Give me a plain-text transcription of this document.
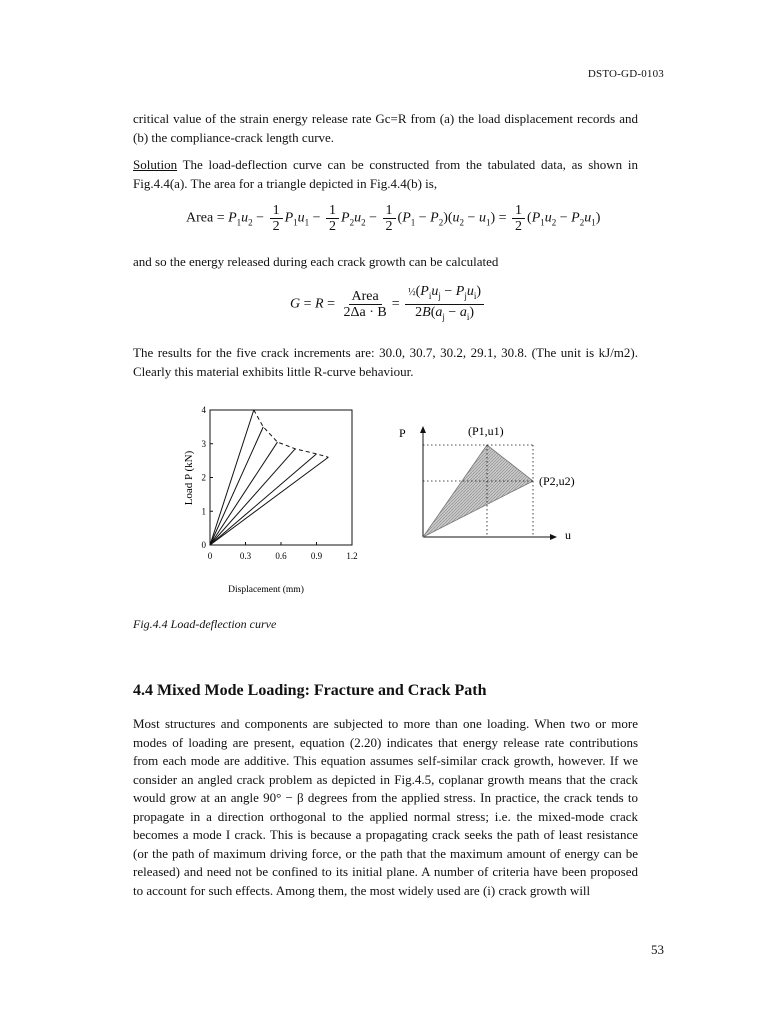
DSTO-GD-0103
critical value of the strain energy release rate Gc=R from (a) the load displacement records and (b) the compliance-crack length curve.
Solution The load-deflection curve can be constructed from the tabulated data, as shown in Fig.4.4(a). The area for a triangle depicted in Fig.4.4(b) is,
Area = $P_1u_2 - \frac{1}{2} P_1u_1 - \frac{1}{2} P_2u_2 - \frac{1}{2} (P_1 - P_2)(u_2 - u_1) = \frac{1}{2} (P_1u_2 - P_2u_1)$
and so the energy released during each crack growth can be calculated
$G = R = \frac{\text{Area}}{2\Delta a \cdot B} = \frac{\frac{1}{2}(P_iu_j - P_ju_i)}{2B(a_j - a_i)}$
The results for the five crack increments are: 30.0, 30.7, 30.2, 29.1, 30.8. (The unit is kJ/m2). Clearly this material exhibits little R-curve behaviour.
0	0.3	0.6	0.9	1.2
0
1
2
3
4
Load P (kN)
Displacement (mm)
P
u
(P1,u1)
(P2,u2)
Fig.4.4 Load-deflection curve
4.4 Mixed Mode Loading: Fracture and Crack Path
Most structures and components are subjected to more than one loading. When two or more modes of loading are present, equation (2.20) indicates that energy release rate contributions from each mode are additive. This equation assumes self-similar crack growth, however. If we consider an angled crack problem as depicted in Fig.4.5, coplanar growth means that the crack would grow at an angle 90° − β degrees from the applied stress. In practice, the crack tends to propagate in a direction orthogonal to the applied normal stress; i.e. the mixed-mode crack becomes a mode I crack. This is because a propagating crack seeks the path of least resistance (or the path of maximum driving force, or the path that the maximum amount of energy can be released) and need not be confined to its initial plane. A number of criteria have been proposed to account for such effects. Among them, the most widely used are (i) crack growth will
53
